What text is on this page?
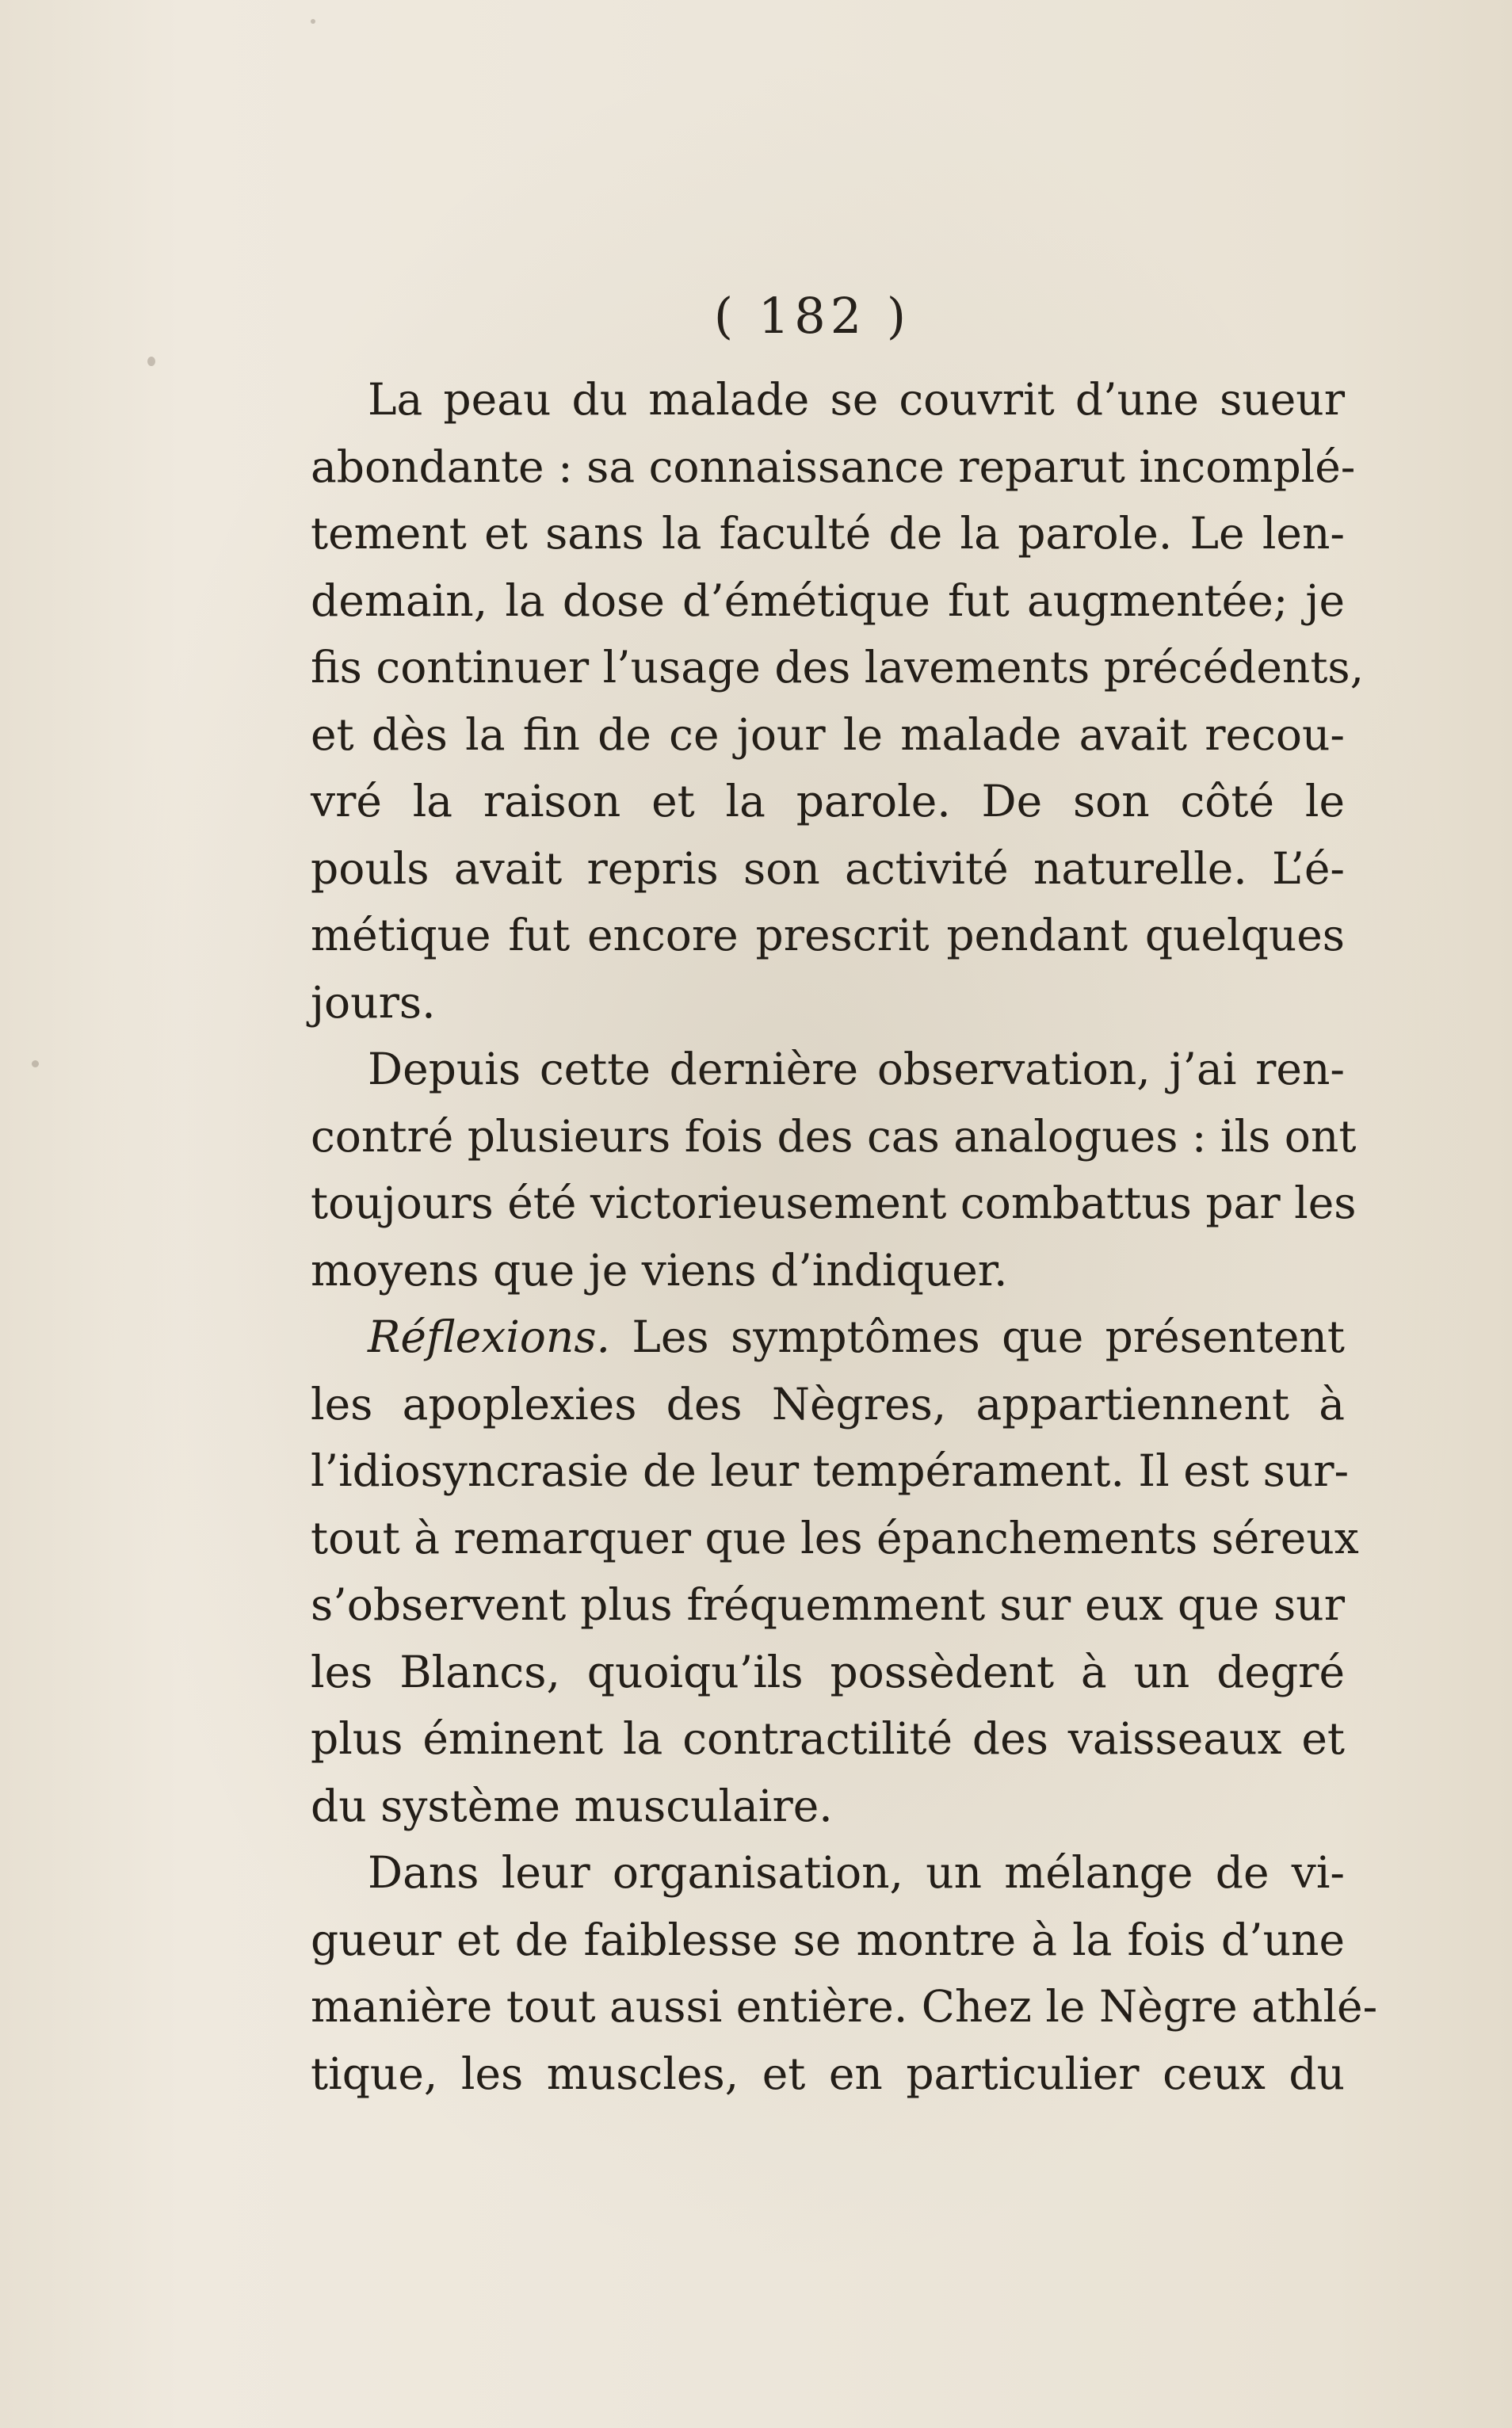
( 182 )
La peau du malade se couvrit d’une sueur
abondante : sa connaissance reparut incomplé-
tement et sans la faculté de la parole. Le len-
demain, la dose d’émétique fut augmentée; je
fis continuer l’usage des lavements précédents,
et dès la fin de ce jour le malade avait recou-
vré la raison et la parole. De son côté le
pouls avait repris son activité naturelle. L’é-
métique fut encore prescrit pendant quelques
jours.
Depuis cette dernière observation, j’ai ren-
contré plusieurs fois des cas analogues : ils ont
toujours été victorieusement combattus par les
moyens que je viens d’indiquer.
Réflexions. Les symptômes que présentent
les apoplexies des Nègres, appartiennent à
l’idiosyncrasie de leur tempérament. Il est sur-
tout à remarquer que les épanchements séreux
s’observent plus fréquemment sur eux que sur
les Blancs, quoiqu’ils possèdent à un degré
plus éminent la contractilité des vaisseaux et
du système musculaire.
Dans leur organisation, un mélange de vi-
gueur et de faiblesse se montre à la fois d’une
manière tout aussi entière. Chez le Nègre athlé-
tique, les muscles, et en particulier ceux du
